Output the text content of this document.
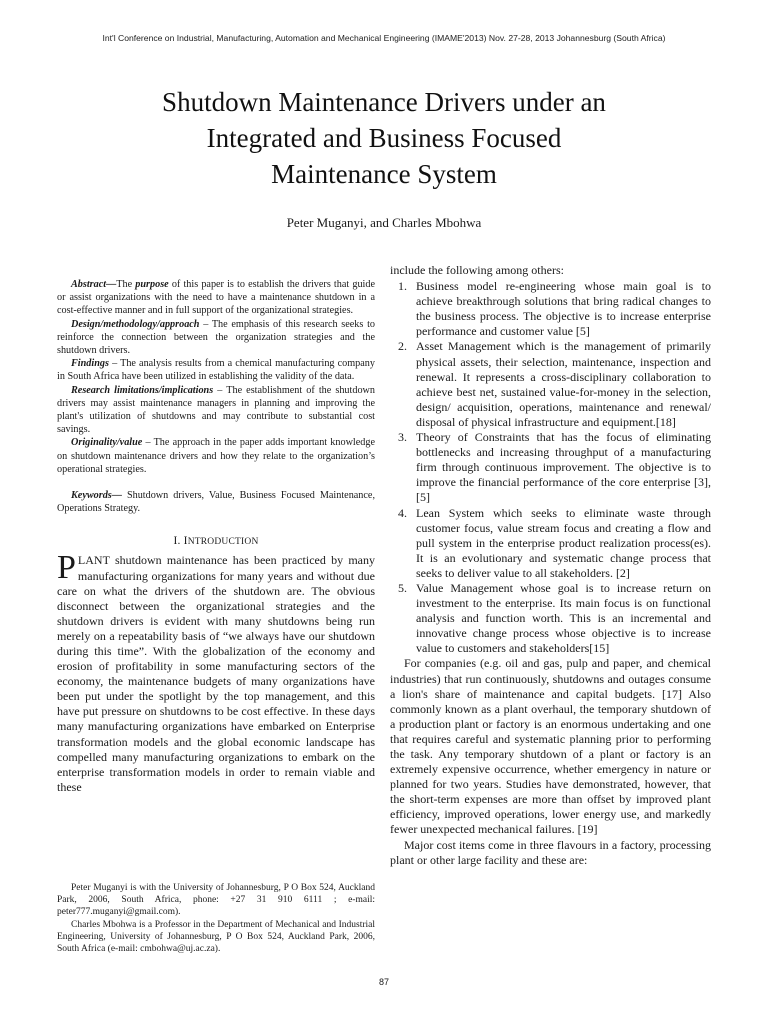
Int'l Conference on Industrial, Manufacturing, Automation and Mechanical Engineering (IMAME'2013) Nov. 27-28, 2013 Johannesburg (South Africa)
Shutdown Maintenance Drivers under an
Integrated and Business Focused
Maintenance System
Peter Muganyi, and Charles Mbohwa

Abstract—The purpose of this paper is to establish the drivers that guide or assist organizations with the need to have a maintenance shutdown in a cost-effective manner and in full support of the organizational strategies.

Design/methodology/approach – The emphasis of this research seeks to reinforce the connection between the organization strategies and the shutdown drivers.

Findings – The analysis results from a chemical manufacturing company in South Africa have been utilized in establishing the validity of the data.

Research limitations/implications – The establishment of the shutdown drivers may assist maintenance managers in planning and improving the plant's utilization of shutdowns and may contribute to substantial cost savings.

Originality/value – The approach in the paper adds important knowledge on shutdown maintenance drivers and how they relate to the organization’s operational strategies.

Keywords— Shutdown drivers, Value, Business Focused Maintenance, Operations Strategy.

I. INTRODUCTION

PLANT shutdown maintenance has been practiced by many manufacturing organizations for many years and without due care on what the drivers of the shutdown are. The obvious disconnect between the organizational strategies and the shutdown drivers is evident with many shutdowns being run merely on a repeatability basis of “we always have our shutdown during this time”. With the globalization of the economy and erosion of profitability in some manufacturing sectors of the economy, the maintenance budgets of many organizations have been put under the spotlight by the top management, and this have put pressure on shutdowns to be cost effective. In these days many manufacturing organizations have embarked on Enterprise transformation models and the global economic landscape has compelled many manufacturing organizations to embark on the enterprise transformation models in order to remain viable and these

Peter Muganyi is with the University of Johannesburg, P O Box 524, Auckland Park, 2006, South Africa, phone: +27 31 910 6111 ; e-mail: peter777.muganyi@gmail.com).

Charles Mbohwa is a Professor in the Department of Mechanical and Industrial Engineering, University of Johannesburg, P O Box 524, Auckland Park, 2006, South Africa (e-mail: cmbohwa@uj.ac.za).

include the following among others:

1. Business model re-engineering whose main goal is to achieve breakthrough solutions that bring radical changes to the business process. The objective is to increase enterprise performance and customer value [5]
2. Asset Management which is the management of primarily physical assets, their selection, maintenance, inspection and renewal. It represents a cross-disciplinary collaboration to achieve best net, sustained value-for-money in the selection, design/ acquisition, operations, maintenance and renewal/ disposal of physical infrastructure and equipment.[18]
3. Theory of Constraints that has the focus of eliminating bottlenecks and increasing throughput of a manufacturing firm through continuous improvement. The objective is to improve the financial performance of the core enterprise [3], [5]
4. Lean System which seeks to eliminate waste through customer focus, value stream focus and creating a flow and pull system in the enterprise product realization process(es). It is an evolutionary and systematic change process that seeks to deliver value to all stakeholders. [2]
5. Value Management whose goal is to increase return on investment to the enterprise. Its main focus is on functional analysis and function worth. This is an incremental and innovative change process whose objective is to increase value to customers and stakeholders[15]

For companies (e.g. oil and gas, pulp and paper, and chemical industries) that run continuously, shutdowns and outages consume a lion's share of maintenance and capital budgets. [17] Also commonly known as a plant overhaul, the temporary shutdown of a production plant or factory is an enormous undertaking and one that requires careful and systematic planning prior to performing the task. Any temporary shutdown of a plant or factory is an extremely expensive occurrence, whether emergency in nature or planned for two years. Studies have demonstrated, however, that the short-term expenses are more than offset by improved plant efficiency, improved operations, lower energy use, and markedly fewer unexpected mechanical failures. [19]

Major cost items come in three flavours in a factory, processing plant or other large facility and these are:

87
